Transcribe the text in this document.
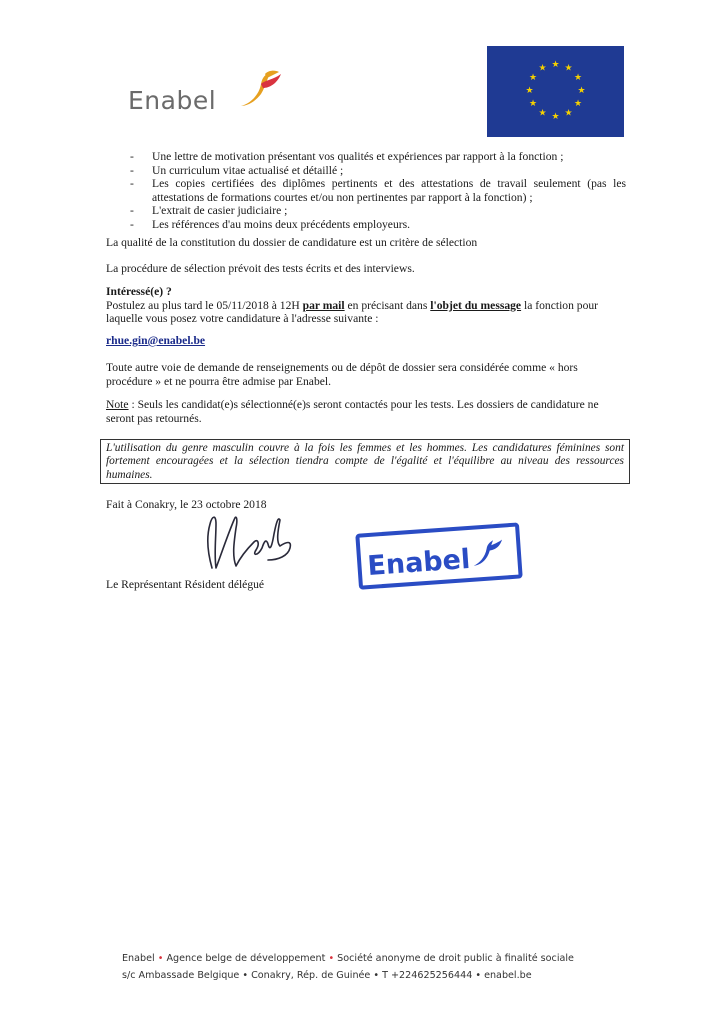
Enabel
★ ★
★
★
★
★
★
★
★
★
★
★
- Une lettre de motivation présentant vos qualités et expériences par rapport à la fonction ;
- Un curriculum vitae actualisé et détaillé ;
- Les copies certifiées des diplômes pertinents et des attestations de travail seulement (pas les attestations de formations courtes et/ou non pertinentes par rapport à la fonction) ;
- L'extrait de casier judiciaire ;
- Les références d'au moins deux précédents employeurs.

La qualité de la constitution du dossier de candidature est un critère de sélection

La procédure de sélection prévoit des tests écrits et des interviews.

Intéressé(e) ?

Postulez au plus tard le 05/11/2018 à 12H par mail en précisant dans l'objet du message la fonction pour laquelle vous posez votre candidature à l'adresse suivante :

rhue.gin@enabel.be

Toute autre voie de demande de renseignements ou de dépôt de dossier sera considérée comme « hors procédure » et ne pourra être admise par Enabel.

Note : Seuls les candidat(e)s sélectionné(e)s seront contactés pour les tests. Les dossiers de candidature ne seront pas retournés.

L'utilisation du genre masculin couvre à la fois les femmes et les hommes. Les candidatures féminines sont fortement encouragées et la sélection tiendra compte de l'égalité et l'équilibre au niveau des ressources humaines.

Fait à Conakry, le 23 octobre 2018

Le Représentant Résident délégué

Enabel
Enabel • Agence belge de développement • Société anonyme de droit public à finalité sociale
s/c Ambassade Belgique • Conakry, Rép. de Guinée • T +224625256444 • enabel.be
